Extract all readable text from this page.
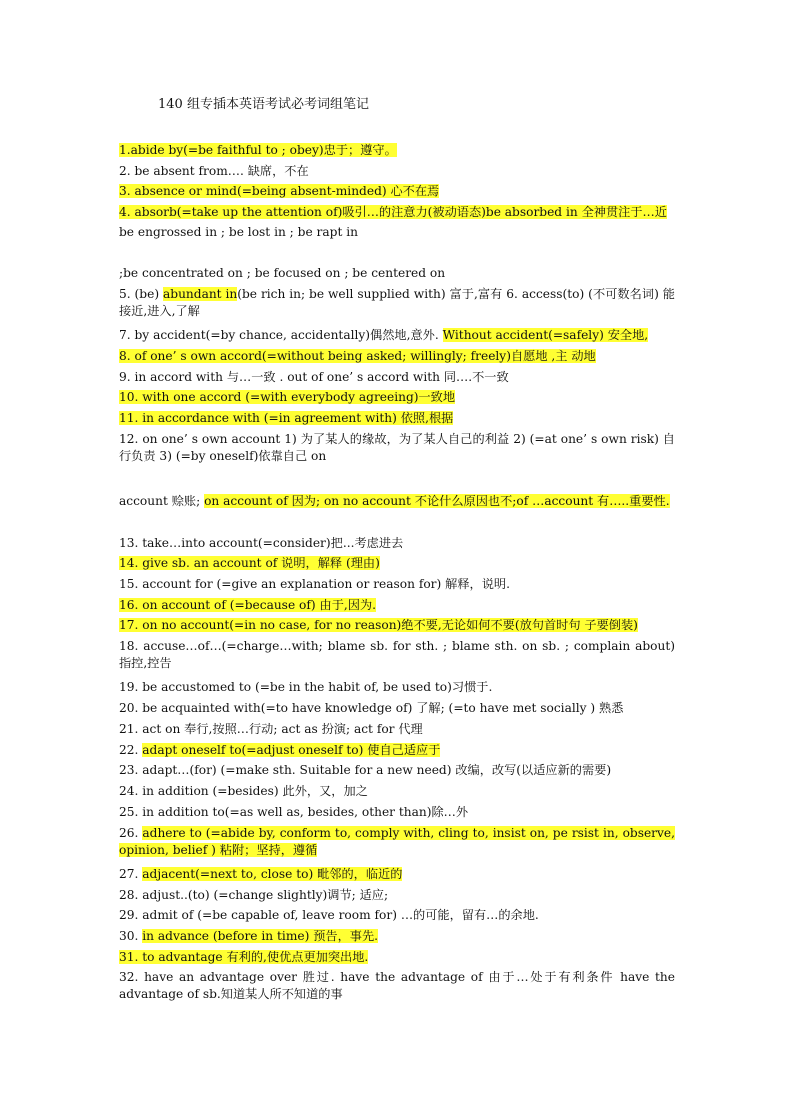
140 组专插本英语考试必考词组笔记
1.abide by(=be faithful to ; obey)忠于；遵守。
2. be absent from…. 缺席，不在
3. absence or mind(=being absent-minded) 心不在焉
4. absorb(=take up the attention of)吸引…的注意力(被动语态)be absorbed in 全神贯注于…近
be engrossed in ; be lost in ; be rapt in
;be concentrated on ; be focused on ; be centered on
5. (be) abundant in(be rich in; be well supplied with) 富于,富有 6. access(to) (不可数名词) 能接近,进入,了解
7. by accident(=by chance, accidentally)偶然地,意外. Without accident(=safely) 安全地,
8. of one’ s own accord(=without being asked; willingly; freely)自愿地 ,主 动地
9. in accord with 与…一致 . out of one’ s accord with 同….不一致
10. with one accord (=with everybody agreeing)一致地
11. in accordance with (=in agreement with) 依照,根据
12. on one’ s own account 1) 为了某人的缘故，为了某人自己的利益 2) (=at one’ s own risk) 自行负责 3) (=by oneself)依靠自己 on
account 赊账; on account of 因为; on no account 不论什么原因也不;of …account 有…..重要性.
13. take…into account(=consider)把...考虑进去
14. give sb. an account of 说明，解释 (理由)
15. account for (=give an explanation or reason for) 解释，说明.
16. on account of (=because of) 由于,因为.
17. on no account(=in no case, for no reason)绝不要,无论如何不要(放句首时句 子要倒装)
18. accuse…of…(=charge…with; blame sb. for sth. ; blame sth. on sb. ; complain about) 指控,控告
19. be accustomed to (=be in the habit of, be used to)习惯于.
20. be acquainted with(=to have knowledge of) 了解; (=to have met socially ) 熟悉
21. act on 奉行,按照…行动; act as 扮演; act for 代理
22. adapt oneself to(=adjust oneself to) 使自己适应于
23. adapt…(for) (=make sth. Suitable for a new need) 改编，改写(以适应新的需要)
24. in addition (=besides) 此外，又，加之
25. in addition to(=as well as, besides, other than)除…外
26. adhere to (=abide by, conform to, comply with, cling to, insist on, pe rsist in, observe, opinion, belief ) 粘附；坚持，遵循
27. adjacent(=next to, close to) 毗邻的，临近的
28. adjust..(to) (=change slightly)调节; 适应;
29. admit of (=be capable of, leave room for) …的可能，留有…的余地.
30. in advance (before in time) 预告，事先.
31. to advantage 有利的,使优点更加突出地.
32. have an advantage over 胜过. have the advantage of 由于…处于有利条件 have the advantage of sb.知道某人所不知道的事
